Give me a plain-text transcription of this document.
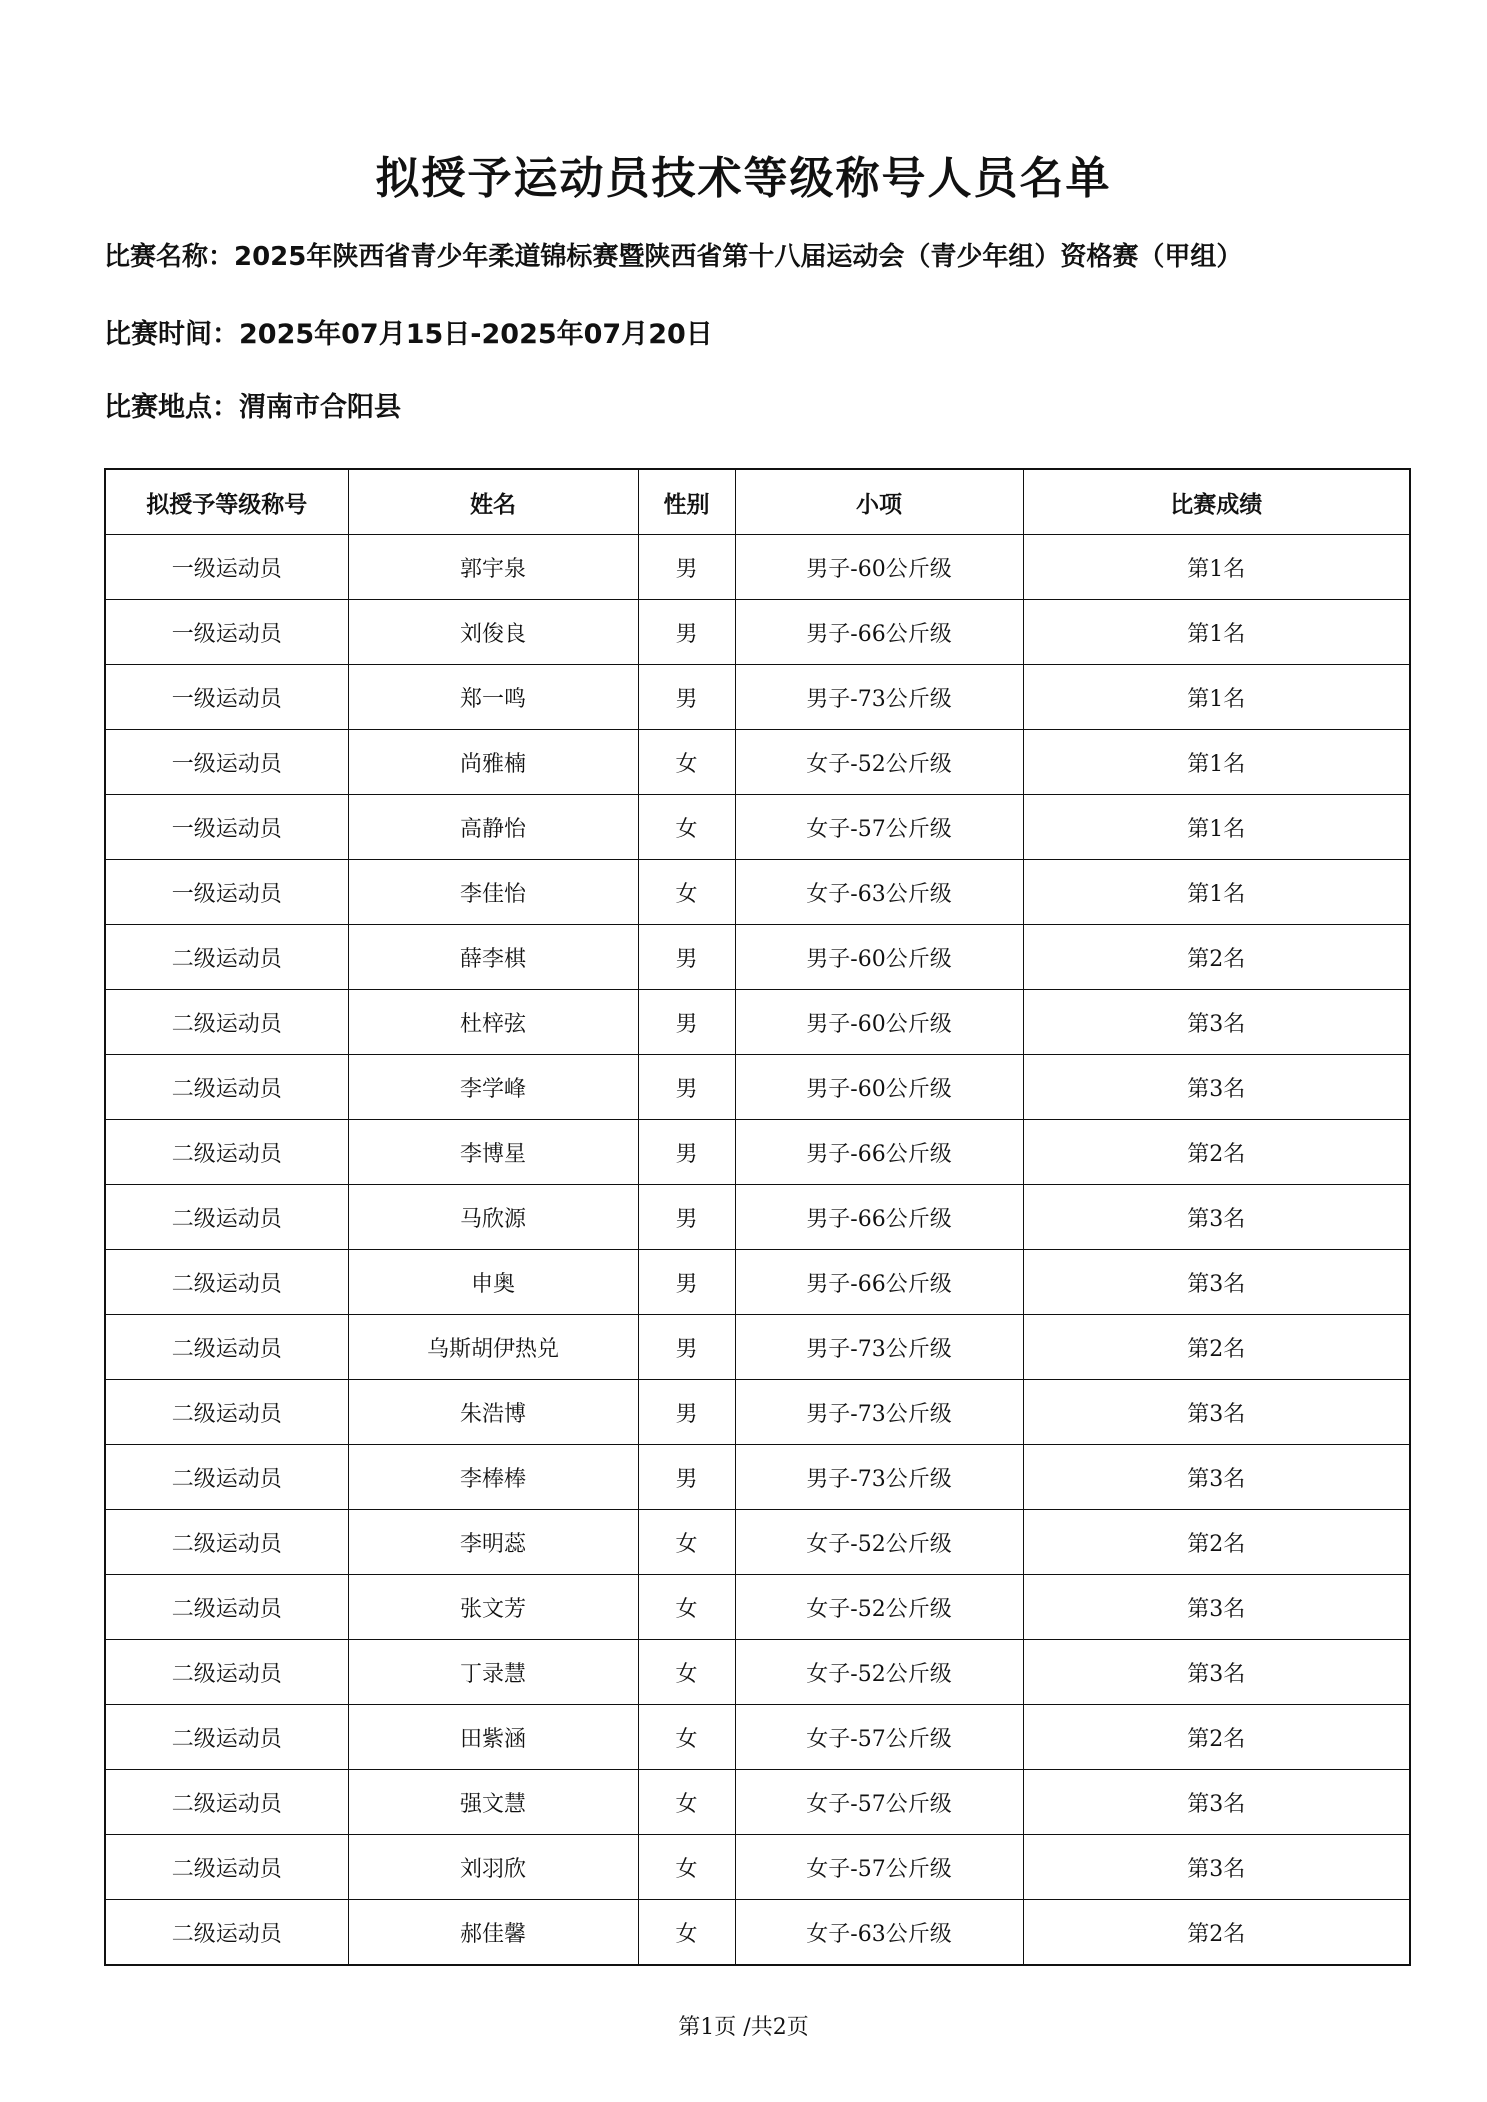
拟授予运动员技术等级称号人员名单
比赛名称：2025年陕西省青少年柔道锦标赛暨陕西省第十八届运动会（青少年组）资格赛（甲组）
比赛时间：2025年07月15日-2025年07月20日
比赛地点：渭南市合阳县
拟授予等级称号	姓名	性别	小项	比赛成绩
一级运动员	郭宇泉	男	男子-60公斤级	第1名
一级运动员	刘俊良	男	男子-66公斤级	第1名
一级运动员	郑一鸣	男	男子-73公斤级	第1名
一级运动员	尚雅楠	女	女子-52公斤级	第1名
一级运动员	高静怡	女	女子-57公斤级	第1名
一级运动员	李佳怡	女	女子-63公斤级	第1名
二级运动员	薛李棋	男	男子-60公斤级	第2名
二级运动员	杜梓弦	男	男子-60公斤级	第3名
二级运动员	李学峰	男	男子-60公斤级	第3名
二级运动员	李博星	男	男子-66公斤级	第2名
二级运动员	马欣源	男	男子-66公斤级	第3名
二级运动员	申奥	男	男子-66公斤级	第3名
二级运动员	乌斯胡伊热兑	男	男子-73公斤级	第2名
二级运动员	朱浩博	男	男子-73公斤级	第3名
二级运动员	李棒棒	男	男子-73公斤级	第3名
二级运动员	李明蕊	女	女子-52公斤级	第2名
二级运动员	张文芳	女	女子-52公斤级	第3名
二级运动员	丁录慧	女	女子-52公斤级	第3名
二级运动员	田紫涵	女	女子-57公斤级	第2名
二级运动员	强文慧	女	女子-57公斤级	第3名
二级运动员	刘羽欣	女	女子-57公斤级	第3名
二级运动员	郝佳馨	女	女子-63公斤级	第2名
第1页 /共2页
